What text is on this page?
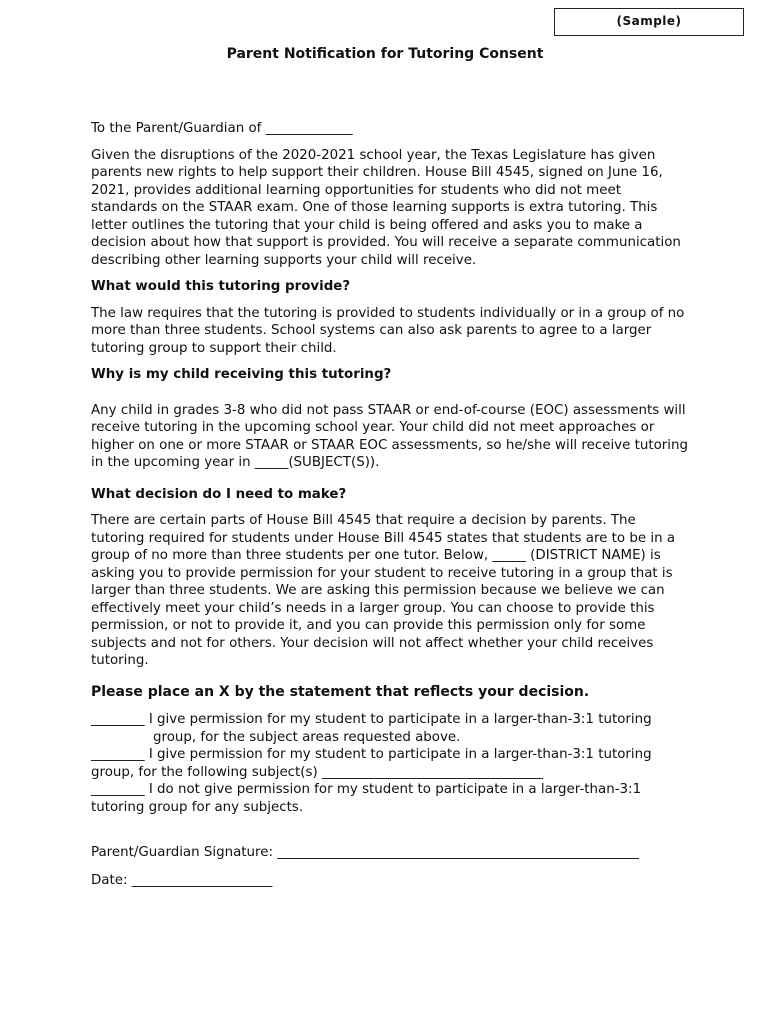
(Sample)
Parent Notification for Tutoring Consent

To the Parent/Guardian of _____________

Given the disruptions of the 2020-2021 school year, the Texas Legislature has given parents new rights to help support their children. House Bill 4545, signed on June 16, 2021, provides additional learning opportunities for students who did not meet standards on the STAAR exam. One of those learning supports is extra tutoring. This letter outlines the tutoring that your child is being offered and asks you to make a decision about how that support is provided. You will receive a separate communication describing other learning supports your child will receive.

What would this tutoring provide?

The law requires that the tutoring is provided to students individually or in a group of no more than three students. School systems can also ask parents to agree to a larger tutoring group to support their child.

Why is my child receiving this tutoring?

Any child in grades 3-8 who did not pass STAAR or end-of-course (EOC) assessments will receive tutoring in the upcoming school year. Your child did not meet approaches or higher on one or more STAAR or STAAR EOC assessments, so he/she will receive tutoring in the upcoming year in _____(SUBJECT(S)).

What decision do I need to make?

There are certain parts of House Bill 4545 that require a decision by parents. The tutoring required for students under House Bill 4545 states that students are to be in a group of no more than three students per one tutor. Below, _____ (DISTRICT NAME) is asking you to provide permission for your student to receive tutoring in a group that is larger than three students. We are asking this permission because we believe we can effectively meet your child’s needs in a larger group. You can choose to provide this permission, or not to provide it, and you can provide this permission only for some subjects and not for others. Your decision will not affect whether your child receives tutoring.

Please place an X by the statement that reflects your decision.

________ I give permission for my student to participate in a larger-than-3:1 tutoring

group, for the subject areas requested above.

________ I give permission for my student to participate in a larger-than-3:1 tutoring

group, for the following subject(s) _________________________________

________ I do not give permission for my student to participate in a larger-than-3:1

tutoring group for any subjects.

Parent/Guardian Signature: ______________________________________________________

Date: _____________________
